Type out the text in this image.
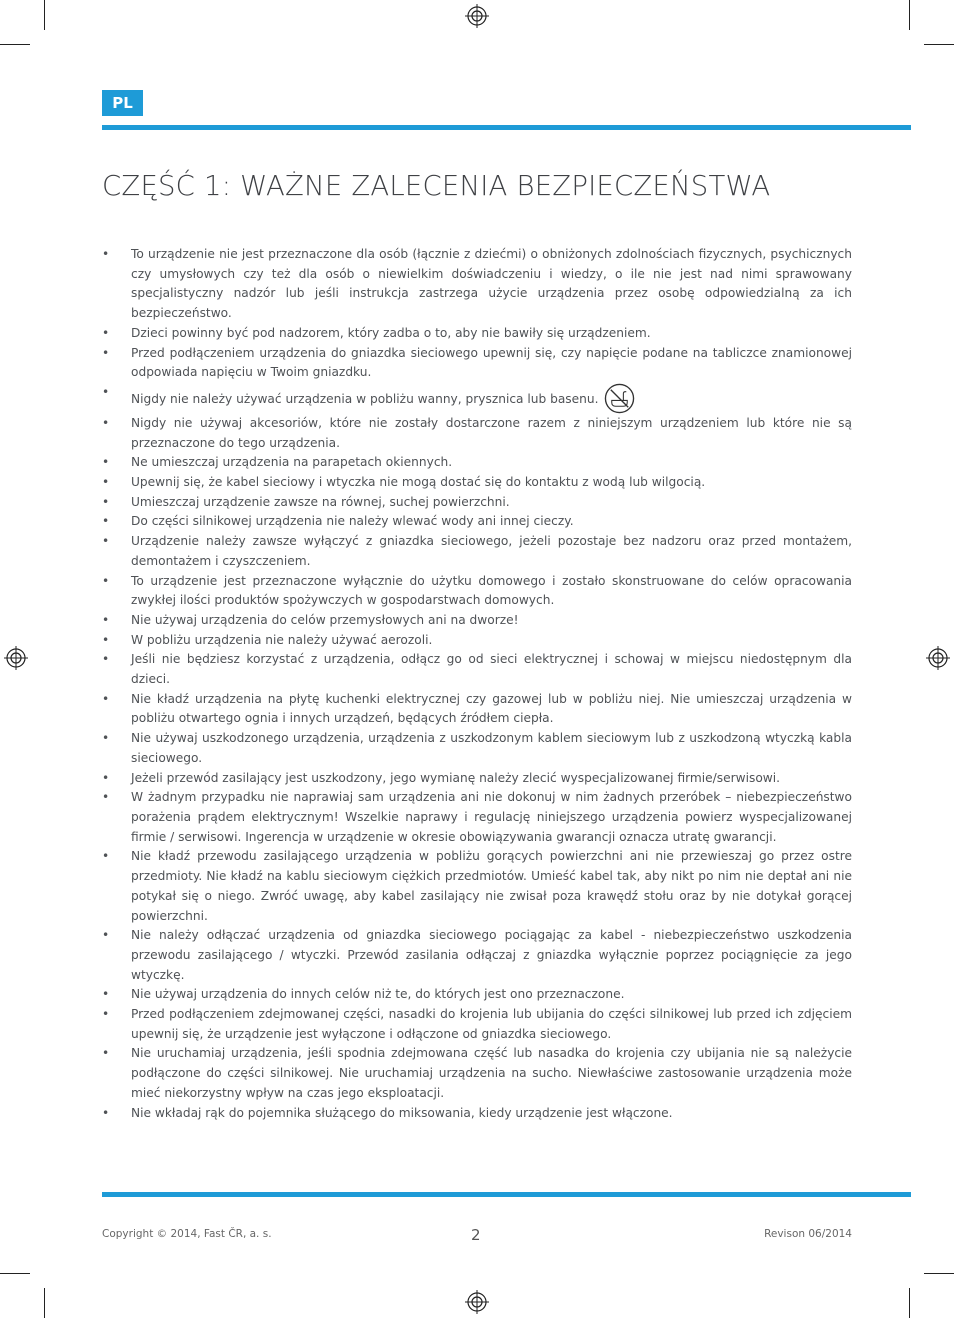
PL
CZĘŚĆ 1: WAŻNE ZALECENIA BEZPIECZEŃSTWA
• To urządzenie nie jest przeznaczone dla osób (łącznie z dziećmi) o obniżonych zdolnościach fizycznych, psychicznych czy umysłowych czy też dla osób o niewielkim doświadczeniu i wiedzy, o ile nie jest nad nimi sprawowany specjalistyczny nadzór lub jeśli instrukcja zastrzega użycie urządzenia przez osobę odpowiedzialną za ich bezpieczeństwo.
• Dzieci powinny być pod nadzorem, który zadba o to, aby nie bawiły się urządzeniem.
• Przed podłączeniem urządzenia do gniazdka sieciowego upewnij się, czy napięcie podane na tabliczce znamionowej odpowiada napięciu w Twoim gniazdku.
• Nigdy nie należy używać urządzenia w pobliżu wanny, prysznica lub basenu.
• Nigdy nie używaj akcesoriów, które nie zostały dostarczone razem z niniejszym urządzeniem lub które nie są przeznaczone do tego urządzenia.
• Ne umieszczaj urządzenia na parapetach okiennych.
• Upewnij się, że kabel sieciowy i wtyczka nie mogą dostać się do kontaktu z wodą lub wilgocią.
• Umieszczaj urządzenie zawsze na równej, suchej powierzchni.
• Do części silnikowej urządzenia nie należy wlewać wody ani innej cieczy.
• Urządzenie należy zawsze wyłączyć z gniazdka sieciowego, jeżeli pozostaje bez nadzoru oraz przed montażem, demontażem i czyszczeniem.
• To urządzenie jest przeznaczone wyłącznie do użytku domowego i zostało skonstruowane do celów opracowania zwykłej ilości produktów spożywczych w gospodarstwach domowych.
• Nie używaj urządzenia do celów przemysłowych ani na dworze!
• W pobliżu urządzenia nie należy używać aerozoli.
• Jeśli nie będziesz korzystać z urządzenia, odłącz go od sieci elektrycznej i schowaj w miejscu niedostępnym dla dzieci.
• Nie kładź urządzenia na płytę kuchenki elektrycznej czy gazowej lub w pobliżu niej. Nie umieszczaj urządzenia w pobliżu otwartego ognia i innych urządzeń, będących źródłem ciepła.
• Nie używaj uszkodzonego urządzenia, urządzenia z uszkodzonym kablem sieciowym lub z uszkodzoną wtyczką kabla sieciowego.
• Jeżeli przewód zasilający jest uszkodzony, jego wymianę należy zlecić wyspecjalizowanej firmie/serwisowi.
• W żadnym przypadku nie naprawiaj sam urządzenia ani nie dokonuj w nim żadnych przeróbek – niebezpieczeństwo porażenia prądem elektrycznym! Wszelkie naprawy i regulację niniejszego urządzenia powierz wyspecjalizowanej firmie / serwisowi. Ingerencja w urządzenie w okresie obowiązywania gwarancji oznacza utratę gwarancji.
• Nie kładź przewodu zasilającego urządzenia w pobliżu gorących powierzchni ani nie przewieszaj go przez ostre przedmioty. Nie kładź na kablu sieciowym ciężkich przedmiotów. Umieść kabel tak, aby nikt po nim nie deptał ani nie potykał się o niego. Zwróć uwagę, aby kabel zasilający nie zwisał poza krawędź stołu oraz by nie dotykał gorącej powierzchni.
• Nie należy odłączać urządzenia od gniazdka sieciowego pociągając za kabel - niebezpieczeństwo uszkodzenia przewodu zasilającego / wtyczki. Przewód zasilania odłączaj z gniazdka wyłącznie poprzez pociągnięcie za jego wtyczkę.
• Nie używaj urządzenia do innych celów niż te, do których jest ono przeznaczone.
• Przed podłączeniem zdejmowanej części, nasadki do krojenia lub ubijania do części silnikowej lub przed ich zdjęciem upewnij się, że urządzenie jest wyłączone i odłączone od gniazdka sieciowego.
• Nie uruchamiaj urządzenia, jeśli spodnia zdejmowana część lub nasadka do krojenia czy ubijania nie są należycie podłączone do części silnikowej. Nie uruchamiaj urządzenia na sucho. Niewłaściwe zastosowanie urządzenia może mieć niekorzystny wpływ na czas jego eksploatacji.
• Nie wkładaj rąk do pojemnika służącego do miksowania, kiedy urządzenie jest włączone.
Copyright © 2014, Fast ČR, a. s.	2	Revison 06/2014
